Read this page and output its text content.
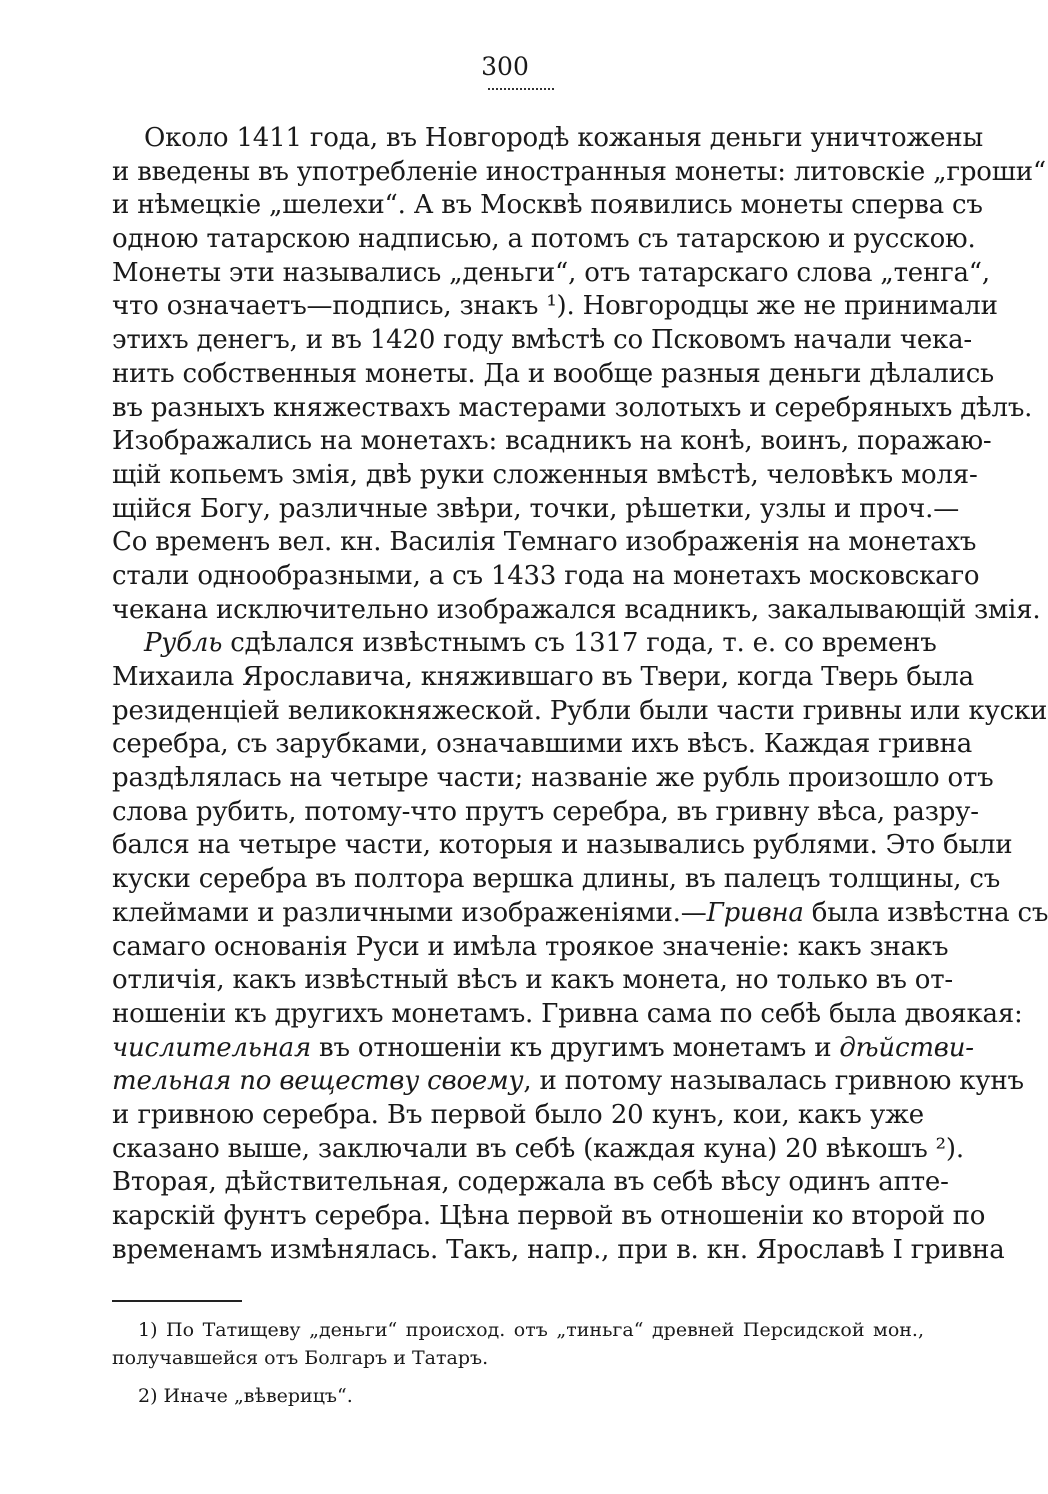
300
Около 1411 года, въ Новгородѣ кожаныя деньги уничтожены
и введены въ употребленіе иностранныя монеты: литовскіе „гроши“
и нѣмецкіе „шелехи“. А въ Москвѣ появились монеты сперва съ
одною татарскою надписью, а потомъ съ татарскою и русскою.
Монеты эти назывались „деньги“, отъ татарскаго слова „тенга“,
что означаетъ—подпись, знакъ ¹). Новгородцы же не принимали
этихъ денегъ, и въ 1420 году вмѣстѣ со Псковомъ начали чека-
нить собственныя монеты. Да и вообще разныя деньги дѣлались
въ разныхъ княжествахъ мастерами золотыхъ и серебряныхъ дѣлъ.
Изображались на монетахъ: всадникъ на конѣ, воинъ, поражаю-
щій копьемъ змія, двѣ руки сложенныя вмѣстѣ, человѣкъ моля-
щійся Богу, различные звѣри, точки, рѣшетки, узлы и проч.—
Со временъ вел. кн. Василія Темнаго изображенія на монетахъ
стали однообразными, а съ 1433 года на монетахъ московскаго
чекана исключительно изображался всадникъ, закалывающій змія.
Рубль сдѣлался извѣстнымъ съ 1317 года, т. е. со временъ
Михаила Ярославича, княжившаго въ Твери, когда Тверь была
резиденціей великокняжеской. Рубли были части гривны или куски
серебра, съ зарубками, означавшими ихъ вѣсъ. Каждая гривна
раздѣлялась на четыре части; названіе же рубль произошло отъ
слова рубить, потому-что прутъ серебра, въ гривну вѣса, разру-
бался на четыре части, которыя и назывались рублями. Это были
куски серебра въ полтора вершка длины, въ палецъ толщины, съ
клеймами и различными изображеніями.—Гривна была извѣстна съ
самаго основанія Руси и имѣла троякое значеніе: какъ знакъ
отличія, какъ извѣстный вѣсъ и какъ монета, но только въ от-
ношеніи къ другихъ монетамъ. Гривна сама по себѣ была двоякая:
числительная въ отношеніи къ другимъ монетамъ и дѣйстви-
тельная по веществу своему, и потому называлась гривною кунъ
и гривною серебра. Въ первой было 20 кунъ, кои, какъ уже
сказано выше, заключали въ себѣ (каждая куна) 20 вѣкошъ ²).
Вторая, дѣйствительная, содержала въ себѣ вѣсу одинъ апте-
карскій фунтъ серебра. Цѣна первой въ отношеніи ко второй по
временамъ измѣнялась. Такъ, напр., при в. кн. Ярославѣ I гривна
1) По Татищеву „деньги“ происход. отъ „тиньга“ древней Персидской мон.,
получавшейся отъ Болгаръ и Татаръ.
2) Иначе „вѣверицъ“.
